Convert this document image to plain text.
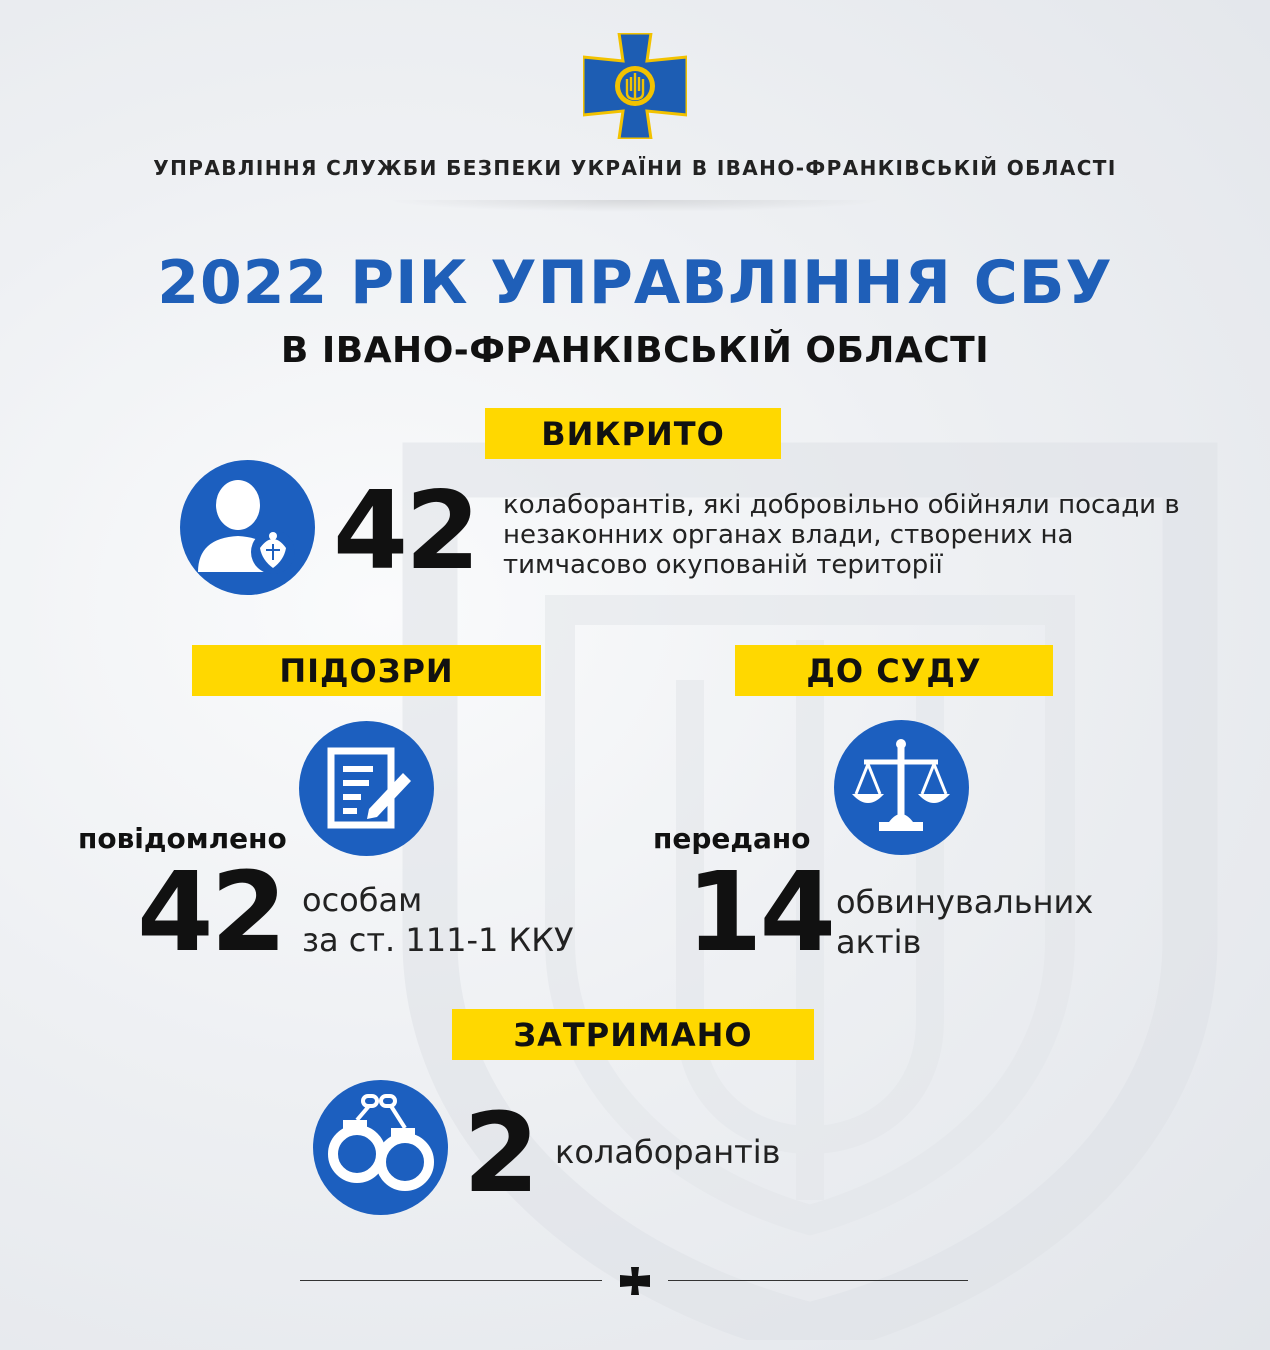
УПРАВЛІННЯ СЛУЖБИ БЕЗПЕКИ УКРАЇНИ В ІВАНО-ФРАНКІВСЬКІЙ ОБЛАСТІ
2022 РІК УПРАВЛІННЯ СБУ
В ІВАНО-ФРАНКІВСЬКІЙ ОБЛАСТІ
ВИКРИТО
42 колаборантів, які добровільно обійняли посади в незаконних органах влади, створених на тимчасово окупованій території
ПІДОЗРИ
повідомлено
42 особам
за ст. 111-1 ККУ
ДО СУДУ
передано
14 обвинувальних
актів
ЗАТРИМАНО
2 колаборантів
